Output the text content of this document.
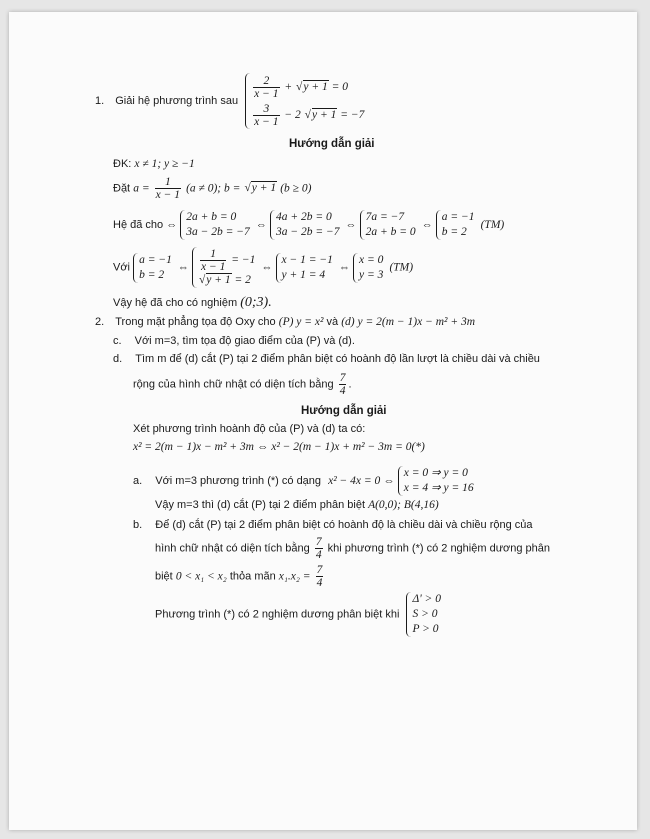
1. Giải hệ phương trình sau
$\frac{2}{x - 1}$ + √ y + 1 = 0
$\frac{3}{x - 1} - 2$ √ y + 1 = −7
Hướng dẫn giải
ĐK: x ≠ 1; y ≥ −1
Đặt $a = \frac{1}{x - 1} (a \ne 0)$; b = √ y + 1 (b ≥ 0)
Hệ đã cho ⇔
2a + b = 0
3a − 2b = −7
⇔
4a + 2b = 0
3a − 2b = −7
⇔
7a = −7
2a + b = 0
⇔
a = −1
b = 2
(TM)
Với
a = −1
b = 2
⇔ $\frac{1}{x - 1} = -1$
√ y + 1 = 2
⇔
x − 1 = −1
y + 1 = 4
⇔
x = 0
y = 3
(TM)
Vậy hệ đã cho có nghiệm (0;3).
2. Trong mặt phẳng tọa độ Oxy cho (P) y = x² và (d) y = 2(m − 1)x − m² + 3m
c. Với m=3, tìm tọa độ giao điểm của (P) và (d).
d. Tìm m để (d) cắt (P) tại 2 điểm phân biệt có hoành độ lần lượt là chiều dài và chiều
rộng của hình chữ nhật có diện tích bằng $\frac{7}{4}$ .
Hướng dẫn giải
Xét phương trình hoành độ của (P) và (d) ta có:
x² = 2(m − 1)x − m² + 3m ⇔ x² − 2(m − 1)x + m² − 3m = 0(*)
a. Với m=3 phương trình (*) có dạng x² − 4x = 0 ⇔
x = 0 ⇒ y = 0
x = 4 ⇒ y = 16
Vậy m=3 thì (d) cắt (P) tại 2 điểm phân biệt A(0,0); B(4,16)
b. Để (d) cắt (P) tại 2 điểm phân biệt có hoành độ là chiều dài và chiều rộng của
hình chữ nhật có diện tích bằng $\frac{7}{4}$ khi phương trình (*) có 2 nghiệm dương phân
biệt 0 < x₁ < x₂ thỏa mãn $x_1.x_2 = \frac{7}{4}$
Phương trình (*) có 2 nghiệm dương phân biệt khi
Δ' > 0
S > 0
P > 0
